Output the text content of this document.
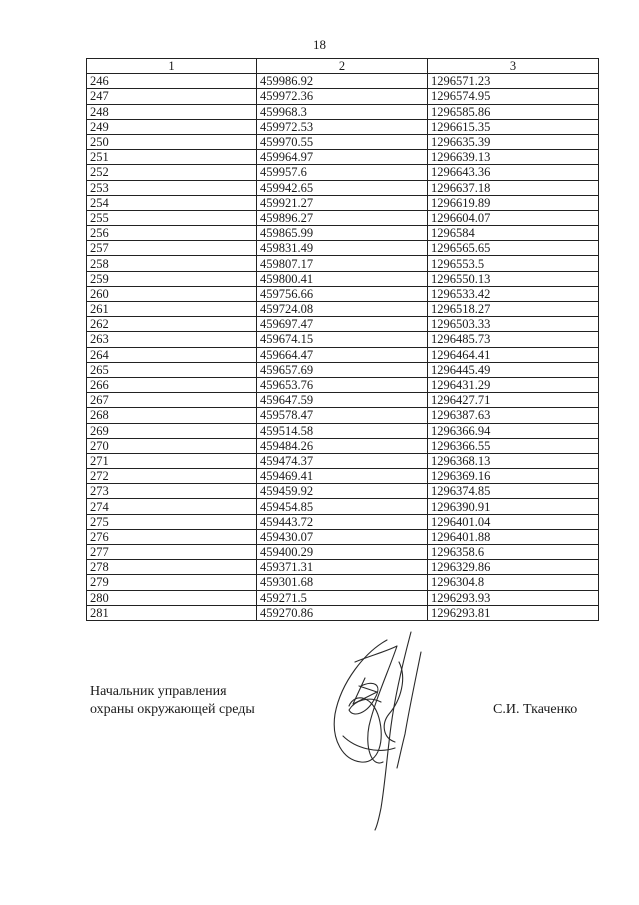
18
1	2	3
246	459986.92	1296571.23
247	459972.36	1296574.95
248	459968.3	1296585.86
249	459972.53	1296615.35
250	459970.55	1296635.39
251	459964.97	1296639.13
252	459957.6	1296643.36
253	459942.65	1296637.18
254	459921.27	1296619.89
255	459896.27	1296604.07
256	459865.99	1296584
257	459831.49	1296565.65
258	459807.17	1296553.5
259	459800.41	1296550.13
260	459756.66	1296533.42
261	459724.08	1296518.27
262	459697.47	1296503.33
263	459674.15	1296485.73
264	459664.47	1296464.41
265	459657.69	1296445.49
266	459653.76	1296431.29
267	459647.59	1296427.71
268	459578.47	1296387.63
269	459514.58	1296366.94
270	459484.26	1296366.55
271	459474.37	1296368.13
272	459469.41	1296369.16
273	459459.92	1296374.85
274	459454.85	1296390.91
275	459443.72	1296401.04
276	459430.07	1296401.88
277	459400.29	1296358.6
278	459371.31	1296329.86
279	459301.68	1296304.8
280	459271.5	1296293.93
281	459270.86	1296293.81
Начальник управления
охраны окружающей среды	С.И. Ткаченко
